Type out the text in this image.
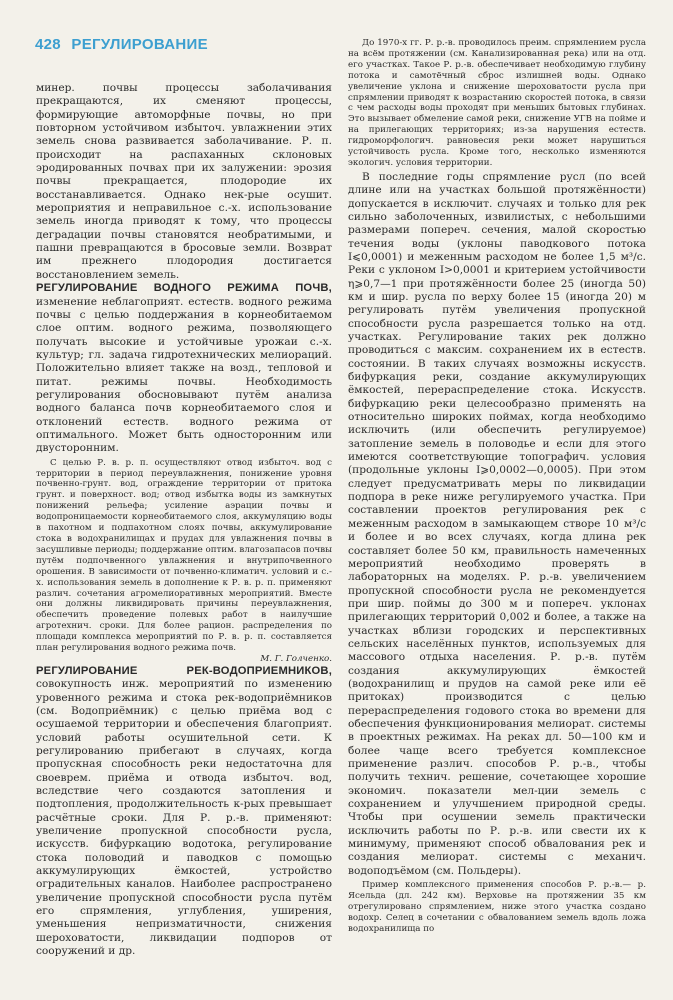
428 РЕГУЛИРОВАНИЕ

минер. почвы процессы заболачивания прекращаются, их сменяют процессы, формирующие автоморфные почвы, но при повторном устойчивом избыточ. увлажнении этих земель снова развивается заболачивание. Р. п. происходит на распаханных склоновых эродированных почвах при их залужении: эрозия почвы прекращается, плодородие их восстанавливается. Однако нек-рые осушит. мероприятия и неправильное с.-х. использование земель иногда приводят к тому, что процессы деградации почвы становятся необратимыми, и пашни превращаются в бросовые земли. Возврат им прежнего плодородия достигается восстановлением земель.

РЕГУЛИРОВАНИЕ ВОДНОГО РЕЖИМА ПОЧВ, изменение неблагоприят. естеств. водного режима почвы с целью поддержания в корнеобитаемом слое оптим. водного режима, позволяющего получать высокие и устойчивые урожаи с.-х. культур; гл. задача гидротехнических мелиораций. Положительно влияет также на возд., тепловой и питат. режимы почвы. Необходимость регулирования обосновывают путём анализа водного баланса почв корнеобитаемого слоя и отклонений естеств. водного режима от оптимального. Может быть односторонним или двусторонним.

С целью Р. в. р. п. осуществляют отвод избыточ. вод с территории в период переувлажнения, понижение уровня почвенно-грунт. вод, ограждение территории от притока грунт. и поверхност. вод; отвод избытка воды из замкнутых понижений рельефа; усиление аэрации почвы и водопроницаемости корнеобитаемого слоя, аккумуляцию воды в пахотном и подпахотном слоях почвы, аккумулирование стока в водохранилищах и прудах для увлажнения почвы в засушливые периоды; поддержание оптим. влагозапасов почвы путём подпочвенного увлажнения и внутрипочвенного орошения. В зависимости от почвенно-климатич. условий и с.-х. использования земель в дополнение к Р. в. р. п. применяют различ. сочетания агромелиоративных мероприятий. Вместе они должны ликвидировать причины переувлажнения, обеспечить проведение полевых работ в наилучшие агротехнич. сроки. Для более рацион. распределения по площади комплекса мероприятий по Р. в. р. п. составляется план регулирования водного режима почв.

М. Г. Голченко.

РЕГУЛИРОВАНИЕ РЕК-ВОДОПРИЕМНИКОВ, совокупность инж. мероприятий по изменению уровенного режима и стока рек-водоприёмников (см. Водоприёмник) с целью приёма вод с осушаемой территории и обеспечения благоприят. условий работы осушительной сети. К регулированию прибегают в случаях, когда пропускная способность реки недостаточна для своеврем. приёма и отвода избыточ. вод, вследствие чего создаются затопления и подтопления, продолжительность к-рых превышает расчётные сроки. Для Р. р.-в. применяют: увеличение пропускной способности русла, искусств. бифуркацию водотока, регулирование стока половодий и паводков с помощью аккумулирующих ёмкостей, устройство оградительных каналов. Наиболее распространено увеличение пропускной способности русла путём его спрямления, углубления, уширения, уменьшения непризматичности, снижения шероховатости, ликвидации подпоров от сооружений и др.

До 1970-х гг. Р. р.-в. проводилось преим. спрямлением русла на всём протяжении (см. Канализированная река) или на отд. его участках. Такое Р. р.-в. обеспечивает необходимую глубину потока и самотёчный сброс излишней воды. Однако увеличение уклона и снижение шероховатости русла при спрямлении приводят к возрастанию скоростей потока, в связи с чем расходы воды проходят при меньших бытовых глубинах. Это вызывает обмеление самой реки, снижение УГВ на пойме и на прилегающих территориях; из-за нарушения естеств. гидроморфологич. равновесия реки может нарушиться устойчивость русла. Кроме того, несколько изменяются экологич. условия территории.

В последние годы спрямление русл (по всей длине или на участках большой протяжённости) допускается в исключит. случаях и только для рек сильно заболоченных, извилистых, с небольшими размерами попереч. сечения, малой скоростью течения воды (уклоны паводкового потока I⩽0,0001) и меженным расходом не более 1,5 м³/с. Реки с уклоном I>0,0001 и критерием устойчивости η⩾0,7—1 при протяжённости более 25 (иногда 50) км и шир. русла по верху более 15 (иногда 20) м регулировать путём увеличения пропускной способности русла разрешается только на отд. участках. Регулирование таких рек должно проводиться с максим. сохранением их в естеств. состоянии. В таких случаях возможны искусств. бифуркация реки, создание аккумулирующих ёмкостей, перераспределение стока. Искусств. бифуркацию реки целесообразно применять на относительно широких поймах, когда необходимо исключить (или обеспечить регулируемое) затопление земель в половодье и если для этого имеются соответствующие топографич. условия (продольные уклоны I⩾0,0002—0,0005). При этом следует предусматривать меры по ликвидации подпора в реке ниже регулируемого участка. При составлении проектов регулирования рек с меженным расходом в замыкающем створе 10 м³/с и более и во всех случаях, когда длина рек составляет более 50 км, правильность намеченных мероприятий необходимо проверять в лабораторных на моделях. Р. р.-в. увеличением пропускной способности русла не рекомендуется при шир. поймы до 300 м и попереч. уклонах прилегающих территорий 0,002 и более, а также на участках вблизи городских и перспективных сельских населённых пунктов, используемых для массового отдыха населения. Р. р.-в. путём создания аккумулирующих ёмкостей (водохранилищ и прудов на самой реке или её притоках) производится с целью перераспределения годового стока во времени для обеспечения функционирования мелиорат. системы в проектных режимах. На реках дл. 50—100 км и более чаще всего требуется комплексное применение различ. способов Р. р.-в., чтобы получить технич. решение, сочетающее хорошие экономич. показатели мел-ции земель с сохранением и улучшением природной среды. Чтобы при осушении земель практически исключить работы по Р. р.-в. или свести их к минимуму, применяют способ обвалования рек и создания мелиорат. системы с механич. водоподъёмом (см. Польдеры).

Пример комплексного применения способов Р. р.-в.— р. Ясельда (дл. 242 км). Верховье на протяжении 35 км отрегулировано спрямлением, ниже этого участка создано водохр. Селец в сочетании с обвалованием земель вдоль ложа водохранилища по
